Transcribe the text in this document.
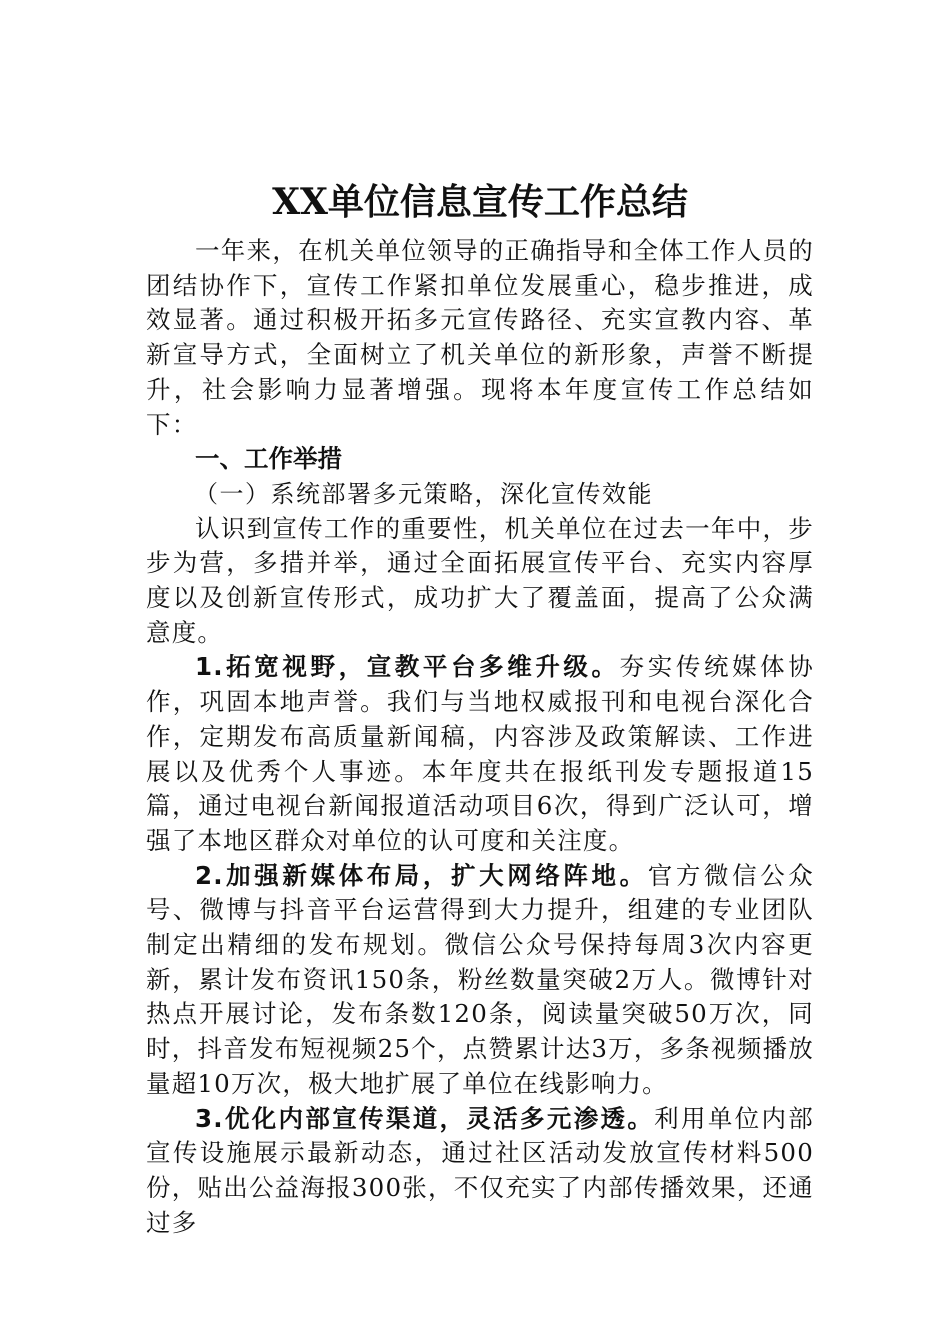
XX单位信息宣传工作总结

一年来，在机关单位领导的正确指导和全体工作人员的团结协作下，宣传工作紧扣单位发展重心，稳步推进，成效显著。通过积极开拓多元宣传路径、充实宣教内容、革新宣导方式，全面树立了机关单位的新形象，声誉不断提升，社会影响力显著增强。现将本年度宣传工作总结如下：

一、工作举措

（一）系统部署多元策略，深化宣传效能

认识到宣传工作的重要性，机关单位在过去一年中，步步为营，多措并举，通过全面拓展宣传平台、充实内容厚度以及创新宣传形式，成功扩大了覆盖面，提高了公众满意度。

1.拓宽视野，宣教平台多维升级。夯实传统媒体协作，巩固本地声誉。我们与当地权威报刊和电视台深化合作，定期发布高质量新闻稿，内容涉及政策解读、工作进展以及优秀个人事迹。本年度共在报纸刊发专题报道15篇，通过电视台新闻报道活动项目6次，得到广泛认可，增强了本地区群众对单位的认可度和关注度。

2.加强新媒体布局，扩大网络阵地。官方微信公众号、微博与抖音平台运营得到大力提升，组建的专业团队制定出精细的发布规划。微信公众号保持每周3次内容更新，累计发布资讯150条，粉丝数量突破2万人。微博针对热点开展讨论，发布条数120条，阅读量突破50万次，同时，抖音发布短视频25个，点赞累计达3万，多条视频播放量超10万次，极大地扩展了单位在线影响力。

3.优化内部宣传渠道，灵活多元渗透。利用单位内部宣传设施展示最新动态，通过社区活动发放宣传材料500份，贴出公益海报300张，不仅充实了内部传播效果，还通过多
